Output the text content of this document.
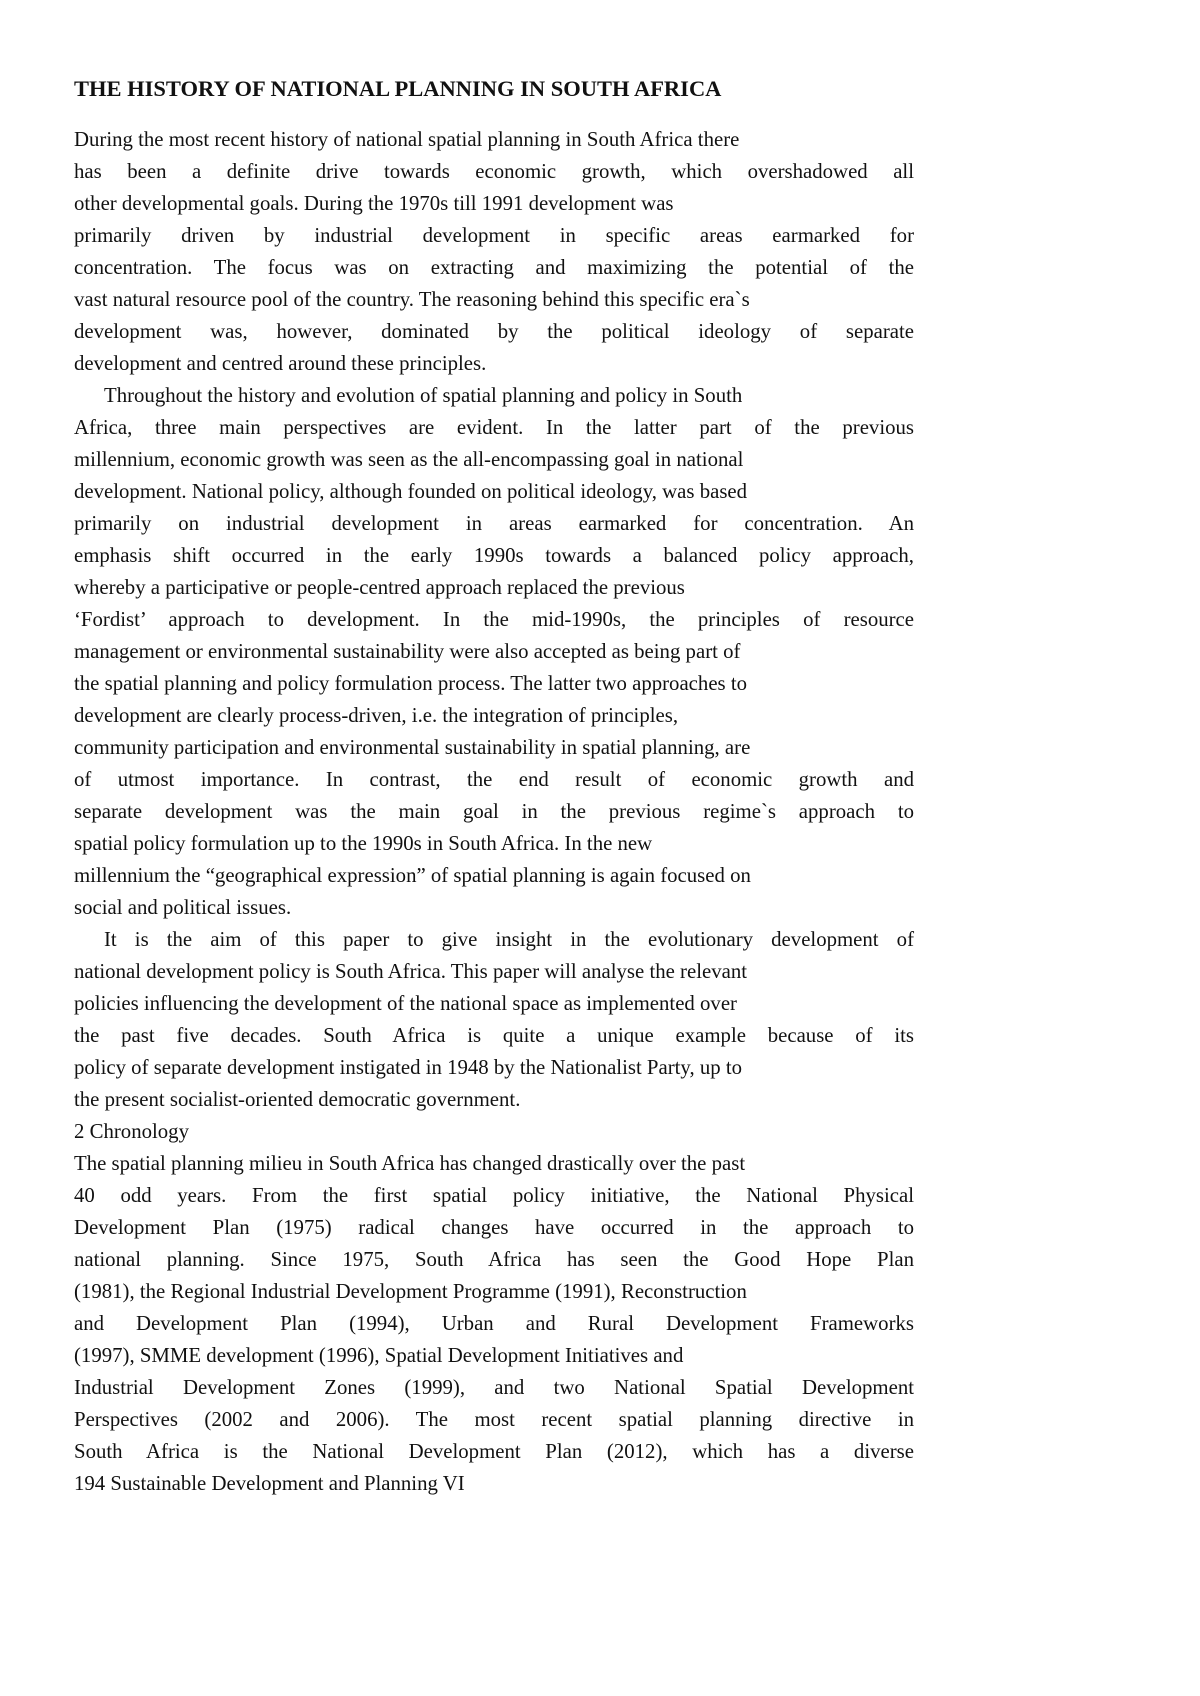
THE HISTORY OF NATIONAL PLANNING IN SOUTH AFRICA
During the most recent history of national spatial planning in South Africa there
has been a definite drive towards economic growth, which overshadowed all
other developmental goals. During the 1970s till 1991 development was
primarily driven by industrial development in specific areas earmarked for
concentration. The focus was on extracting and maximizing the potential of the
vast natural resource pool of the country. The reasoning behind this specific era`s
development was, however, dominated by the political ideology of separate
development and centred around these principles.
Throughout the history and evolution of spatial planning and policy in South
Africa, three main perspectives are evident. In the latter part of the previous
millennium, economic growth was seen as the all-encompassing goal in national
development. National policy, although founded on political ideology, was based
primarily on industrial development in areas earmarked for concentration. An
emphasis shift occurred in the early 1990s towards a balanced policy approach,
whereby a participative or people-centred approach replaced the previous
‘Fordist’ approach to development. In the mid-1990s, the principles of resource
management or environmental sustainability were also accepted as being part of
the spatial planning and policy formulation process. The latter two approaches to
development are clearly process-driven, i.e. the integration of principles,
community participation and environmental sustainability in spatial planning, are
of utmost importance. In contrast, the end result of economic growth and
separate development was the main goal in the previous regime`s approach to
spatial policy formulation up to the 1990s in South Africa. In the new
millennium the “geographical expression” of spatial planning is again focused on
social and political issues.
It is the aim of this paper to give insight in the evolutionary development of
national development policy is South Africa. This paper will analyse the relevant
policies influencing the development of the national space as implemented over
the past five decades. South Africa is quite a unique example because of its
policy of separate development instigated in 1948 by the Nationalist Party, up to
the present socialist-oriented democratic government.
2 Chronology
The spatial planning milieu in South Africa has changed drastically over the past
40 odd years. From the first spatial policy initiative, the National Physical
Development Plan (1975) radical changes have occurred in the approach to
national planning. Since 1975, South Africa has seen the Good Hope Plan
(1981), the Regional Industrial Development Programme (1991), Reconstruction
and Development Plan (1994), Urban and Rural Development Frameworks
(1997), SMME development (1996), Spatial Development Initiatives and
Industrial Development Zones (1999), and two National Spatial Development
Perspectives (2002 and 2006). The most recent spatial planning directive in
South Africa is the National Development Plan (2012), which has a diverse
194 Sustainable Development and Planning VI
